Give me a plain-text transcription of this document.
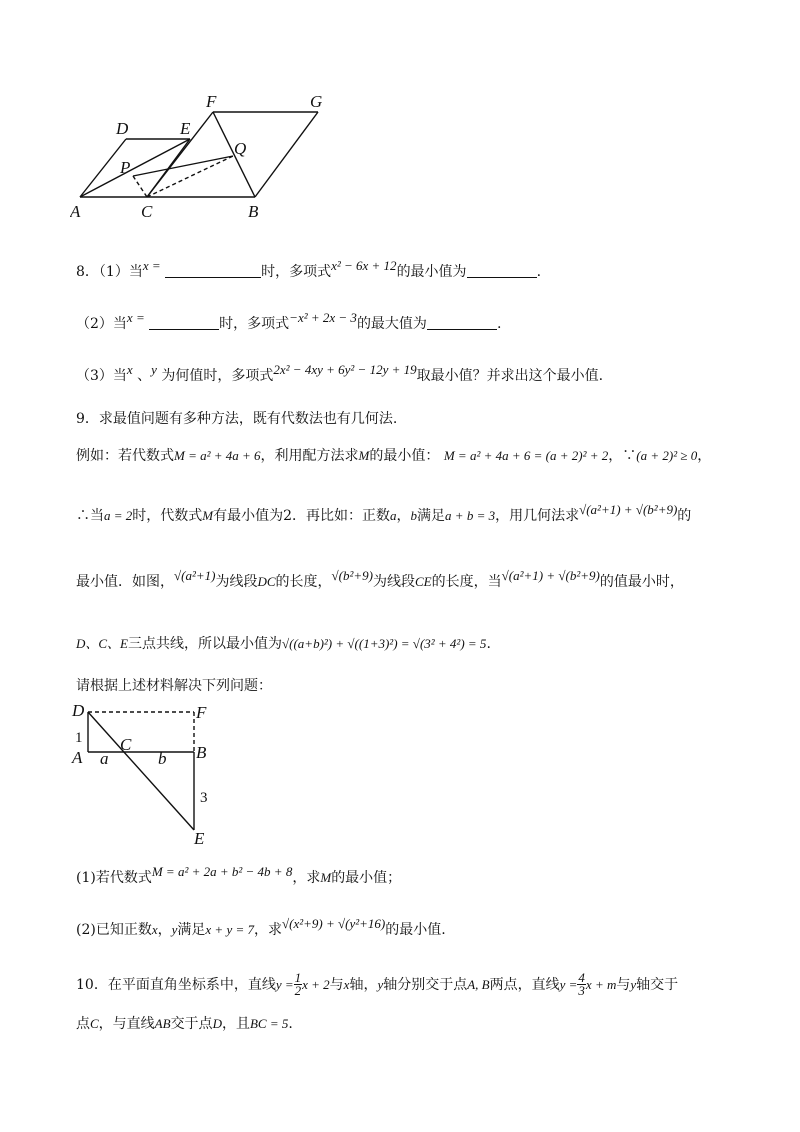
D	E
F	G
P
Q
A	C	B
8．（1）当x =	时，多项式x² − 6x + 12的最小值为	.
（2）当x =	时，多项式−x² + 2x − 3的最大值为	.
（3）当x 、y 为何值时，多项式2x² − 4xy + 6y² − 12y + 19取最小值？并求出这个最小值.
9．求最值问题有多种方法，既有代数法也有几何法.
例如：若代数式M = a² + 4a + 6，利用配方法求M的最小值： M = a² + 4a + 6 = (a + 2)² + 2，∵(a + 2)² ≥ 0，
∴当a = 2时，代数式M有最小值为2．再比如：正数a，b满足a + b = 3，用几何法求√(a²+1) + √(b²+9)的
最小值．如图，√(a²+1)为线段DC的长度，√(b²+9)为线段CE的长度，当√(a²+1) + √(b²+9)的值最小时，
D、C、E三点共线，所以最小值为√((a+b)²) + √((1+3)²) = √(3² + 4²) = 5.
请根据上述材料解决下列问题：
D	F
1 C	B
A a	b
3
E
(1)若代数式M = a² + 2a + b² − 4b + 8，求M的最小值；
(2)已知正数x，y满足x + y = 7，求√(x²+9) + √(y²+16)的最小值.
10．在平面直角坐标系中，直线$y = \frac{1}{2}x + 2$与x轴，y轴分别交于点A, B两点，直线$y = \frac{4}{3}x + m$与y轴交于
点C，与直线AB交于点D，且BC = 5.
